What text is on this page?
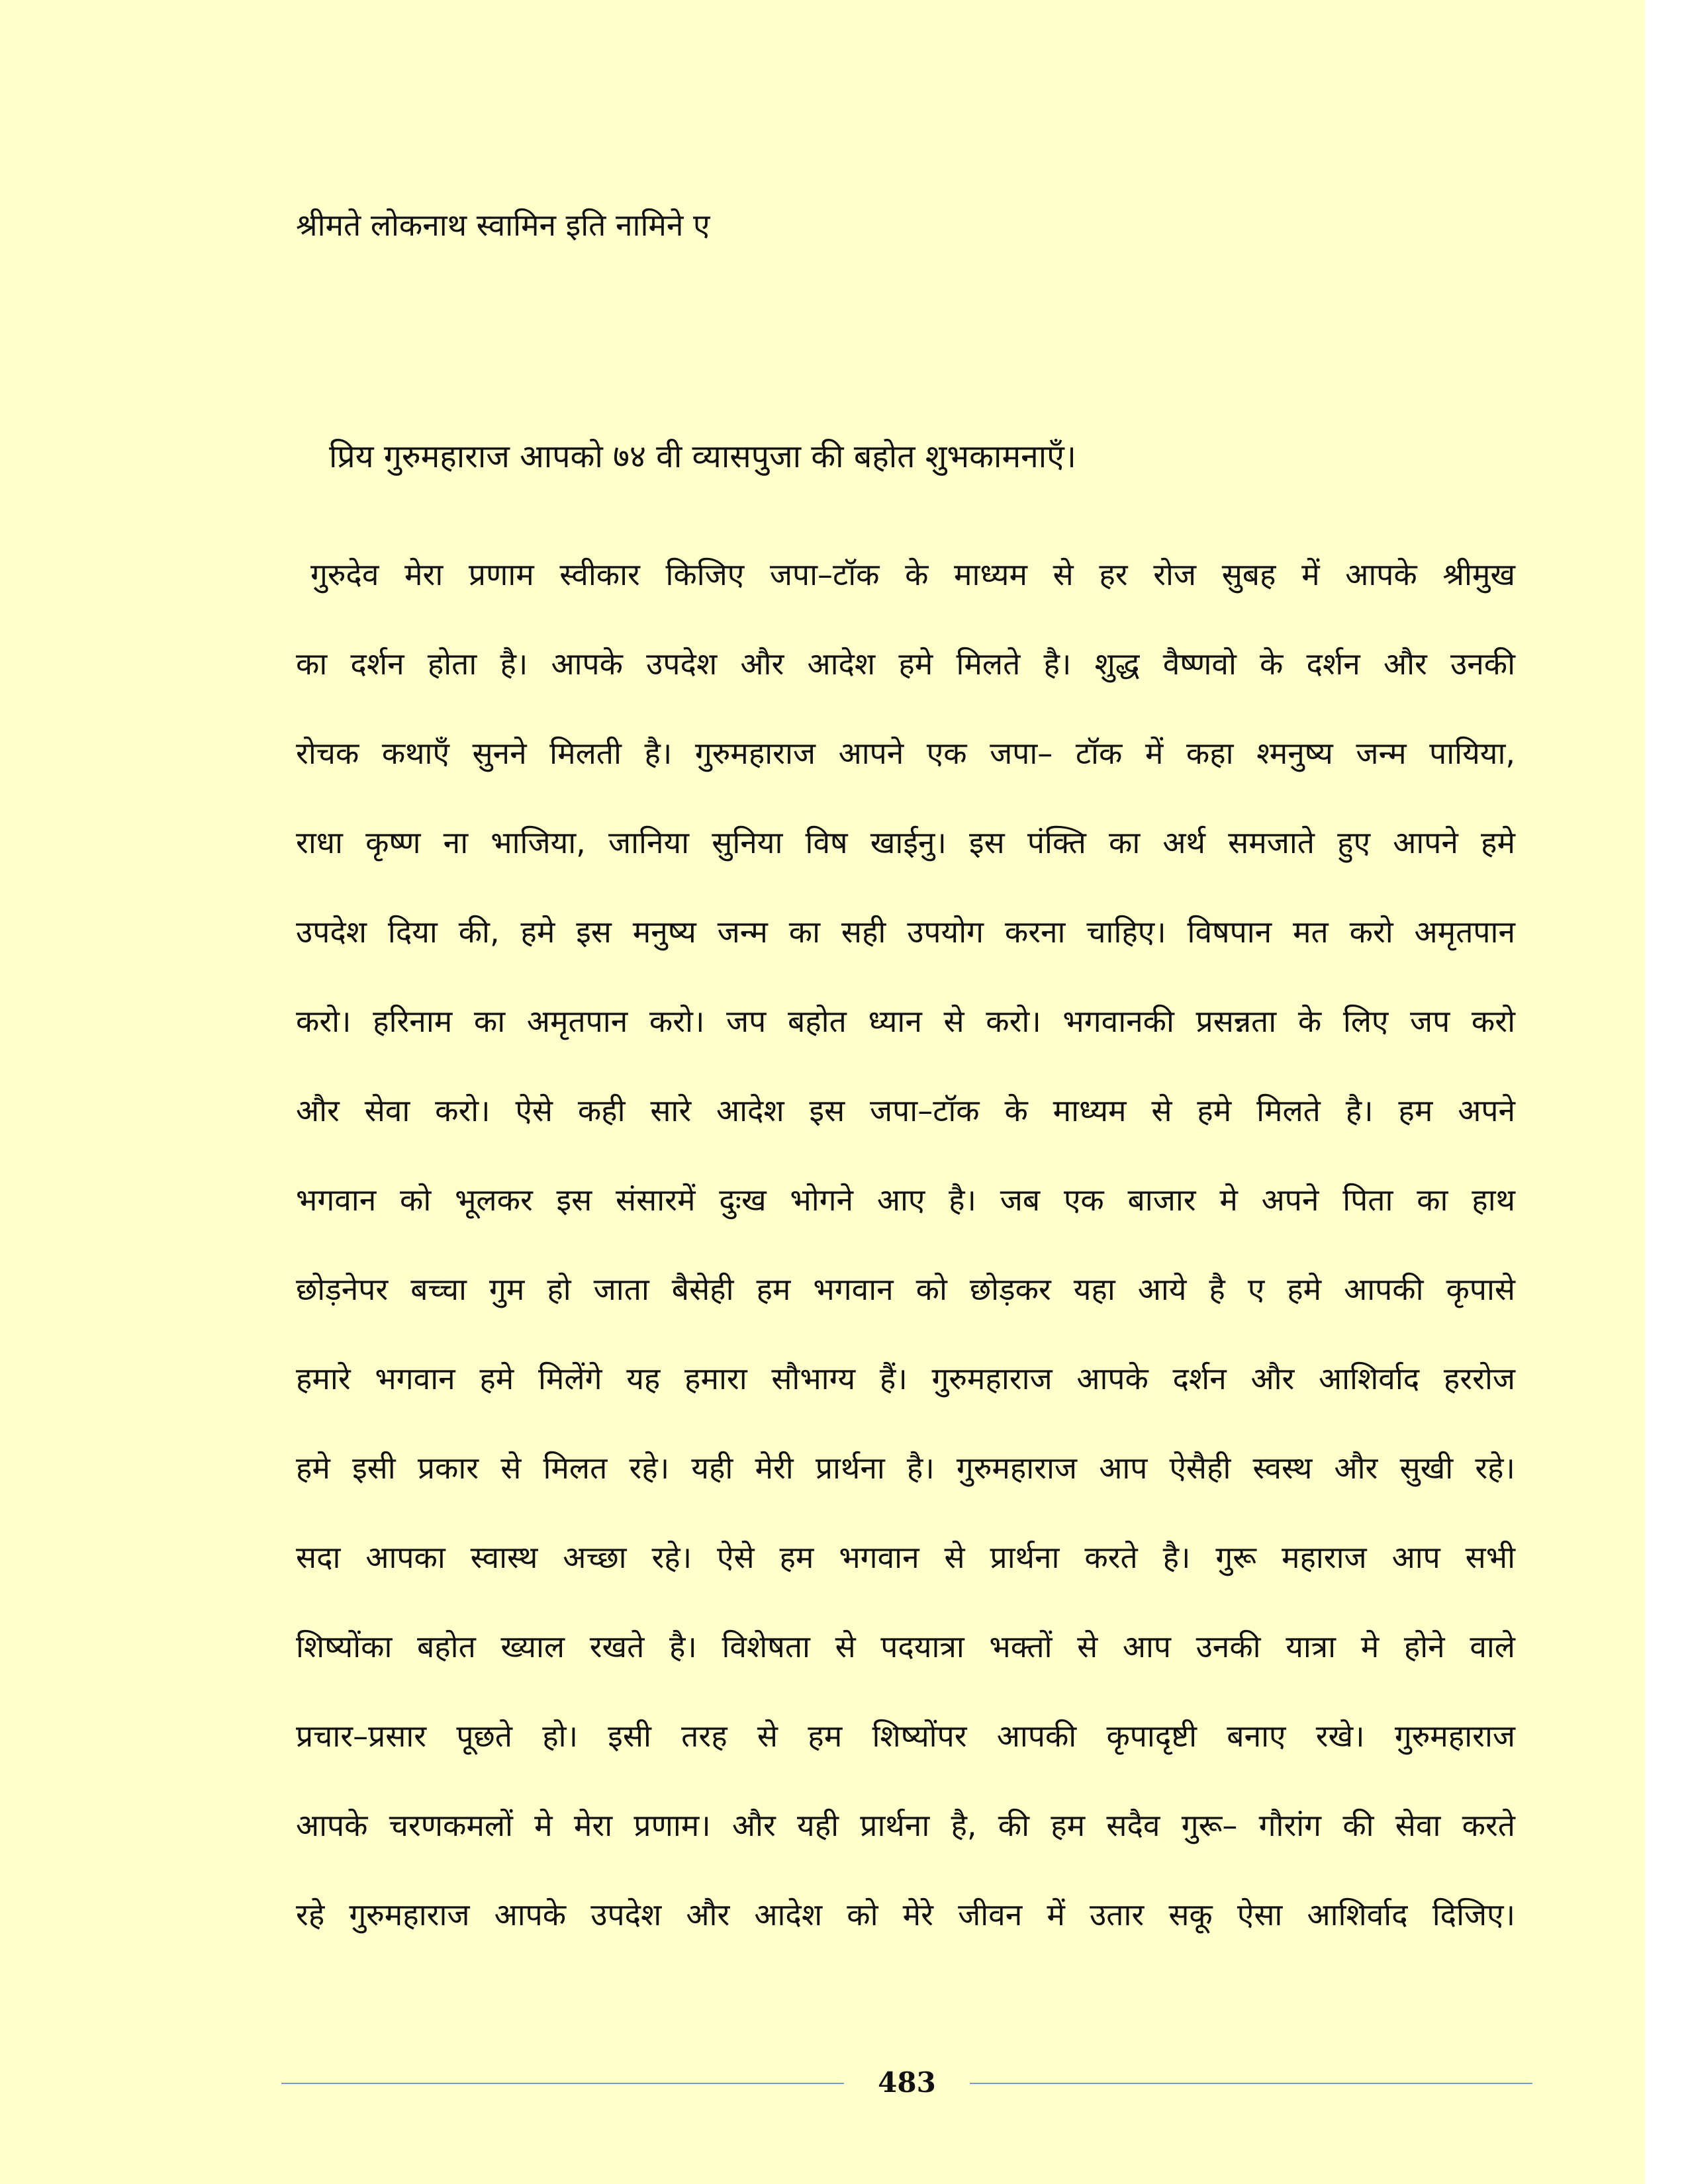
श्रीमते लोकनाथ स्वामिन इति नामिने ए
प्रिय गुरुमहाराज आपको ७४ वी व्यासपुजा की बहोत शुभकामनाएँ।
गुरुदेव मेरा प्रणाम स्वीकार किजिए जपा–टॉक के माध्यम से हर रोज सुबह में आपके श्रीमुख
का दर्शन होता है। आपके उपदेश और आदेश हमे मिलते है। शुद्ध वैष्णवो के दर्शन और उनकी
रोचक कथाएँ सुनने मिलती है। गुरुमहाराज आपने एक जपा– टॉक में कहा श्मनुष्य जन्म पायिया,
राधा कृष्ण ना भाजिया, जानिया सुनिया विष खाईनु। इस पंक्ति का अर्थ समजाते हुए आपने हमे
उपदेश दिया की, हमे इस मनुष्य जन्म का सही उपयोग करना चाहिए। विषपान मत करो अमृतपान
करो। हरिनाम का अमृतपान करो। जप बहोत ध्यान से करो। भगवानकी प्रसन्नता के लिए जप करो
और सेवा करो। ऐसे कही सारे आदेश इस जपा–टॉक के माध्यम से हमे मिलते है। हम अपने
भगवान को भूलकर इस संसारमें दुःख भोगने आए है। जब एक बाजार मे अपने पिता का हाथ
छोड़नेपर बच्चा गुम हो जाता बैसेही हम भगवान को छोड़कर यहा आये है ए हमे आपकी कृपासे
हमारे भगवान हमे मिलेंगे यह हमारा सौभाग्य हैं। गुरुमहाराज आपके दर्शन और आशिर्वाद हररोज
हमे इसी प्रकार से मिलत रहे। यही मेरी प्रार्थना है। गुरुमहाराज आप ऐसैही स्वस्थ और सुखी रहे।
सदा आपका स्वास्थ अच्छा रहे। ऐसे हम भगवान से प्रार्थना करते है। गुरू महाराज आप सभी
शिष्योंका बहोत ख्याल रखते है। विशेषता से पदयात्रा भक्तों से आप उनकी यात्रा मे होने वाले
प्रचार–प्रसार पूछते हो। इसी तरह से हम शिष्योंपर आपकी कृपादृष्टी बनाए रखे। गुरुमहाराज
आपके चरणकमलों मे मेरा प्रणाम। और यही प्रार्थना है, की हम सदैव गुरू– गौरांग की सेवा करते
रहे गुरुमहाराज आपके उपदेश और आदेश को मेरे जीवन में उतार सकू ऐसा आशिर्वाद दिजिए।
483
